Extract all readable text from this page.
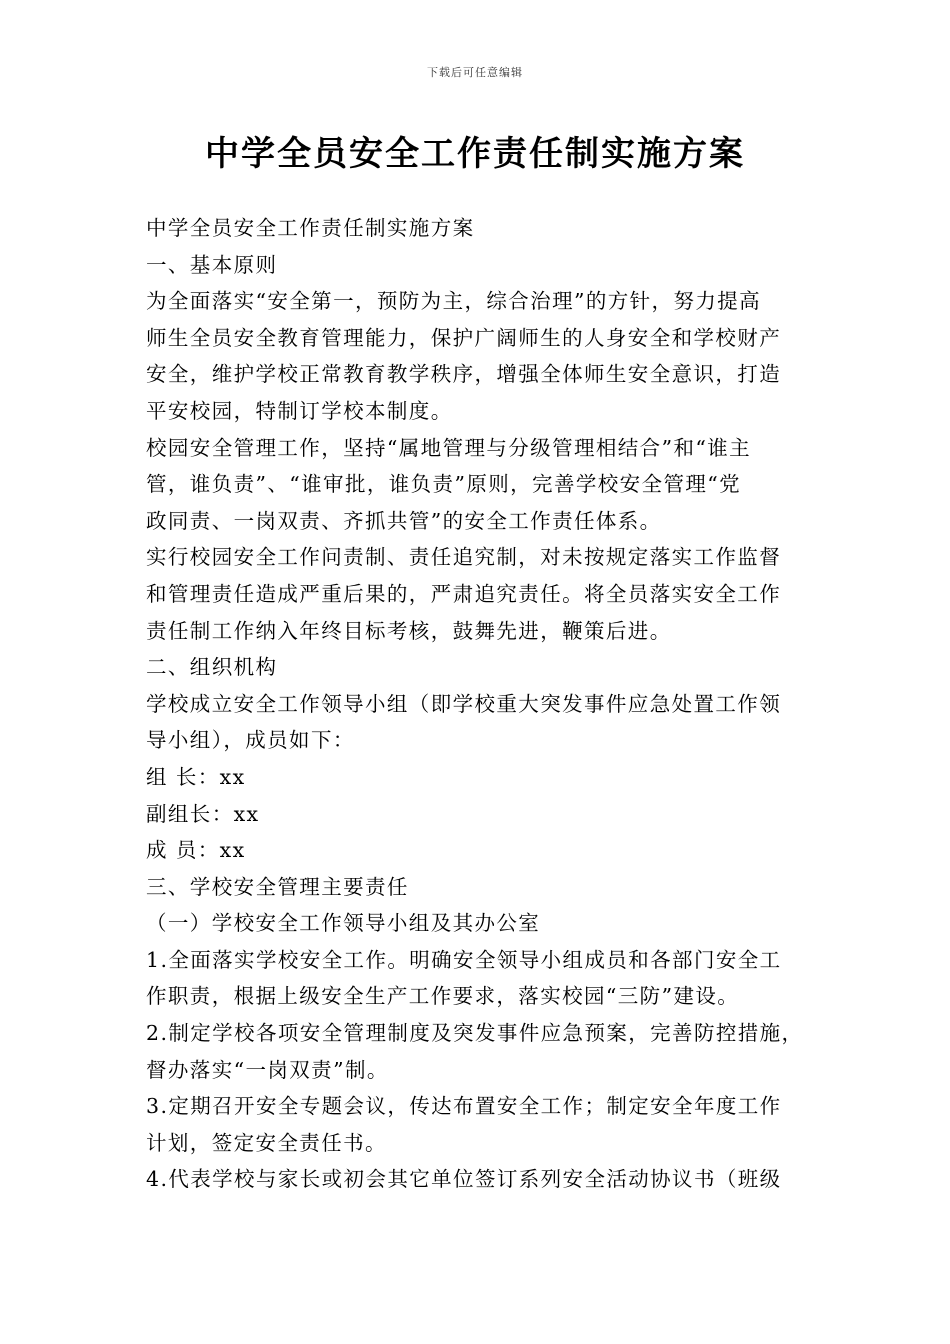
下载后可任意编辑
中学全员安全工作责任制实施方案

中学全员安全工作责任制实施方案

一、基本原则

为全面落实“安全第一，预防为主，综合治理”的方针，努力提高

师生全员安全教育管理能力，保护广阔师生的人身安全和学校财产

安全，维护学校正常教育教学秩序，增强全体师生安全意识，打造

平安校园，特制订学校本制度。

校园安全管理工作，坚持“属地管理与分级管理相结合”和“谁主

管，谁负责”、“谁审批，谁负责”原则，完善学校安全管理“党

政同责、一岗双责、齐抓共管”的安全工作责任体系。

实行校园安全工作问责制、责任追究制，对未按规定落实工作监督

和管理责任造成严重后果的，严肃追究责任。将全员落实安全工作

责任制工作纳入年终目标考核，鼓舞先进，鞭策后进。

二、组织机构

学校成立安全工作领导小组（即学校重大突发事件应急处置工作领

导小组），成员如下：

组 长：xx

副组长：xx

成 员：xx

三、学校安全管理主要责任

（一）学校安全工作领导小组及其办公室

1.全面落实学校安全工作。明确安全领导小组成员和各部门安全工

作职责，根据上级安全生产工作要求，落实校园“三防”建设。

2.制定学校各项安全管理制度及突发事件应急预案，完善防控措施，

督办落实“一岗双责”制。

3.定期召开安全专题会议，传达布置安全工作；制定安全年度工作

计划，签定安全责任书。

4.代表学校与家长或初会其它单位签订系列安全活动协议书（班级
